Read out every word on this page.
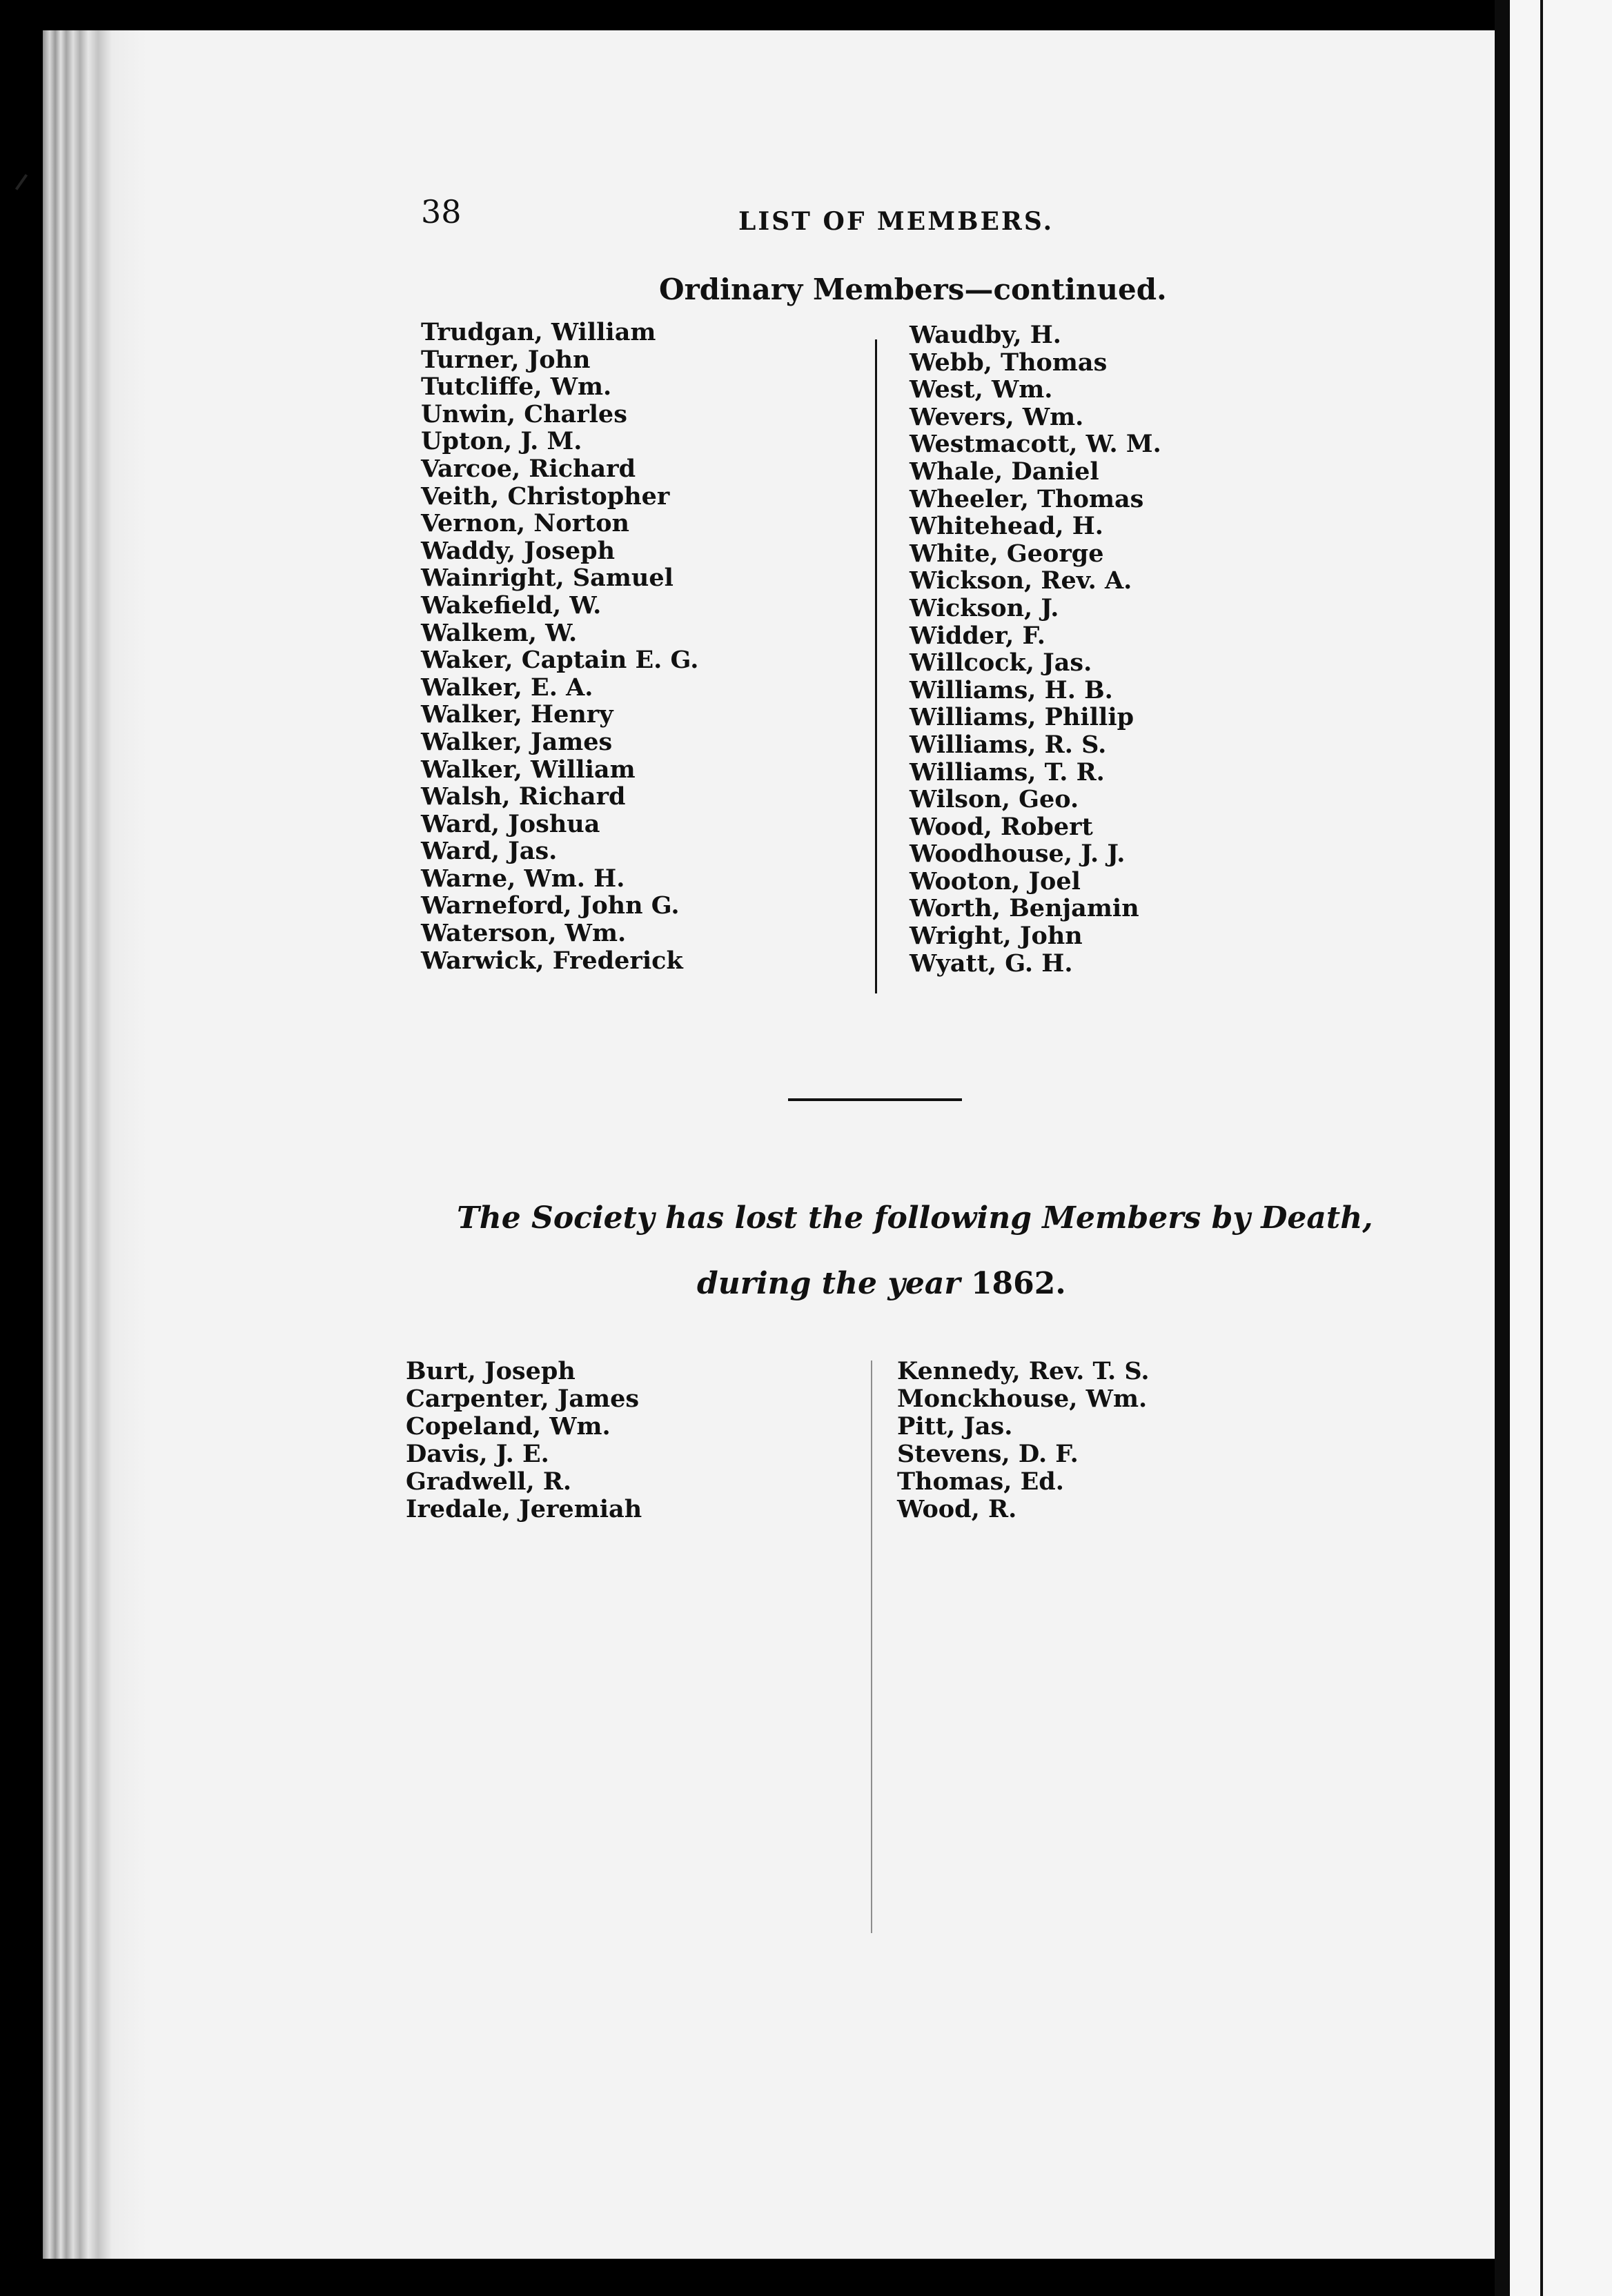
38	LIST OF MEMBERS.
Ordinary Members—continued.
Trudgan, William
Turner, John
Tutcliffe, Wm.
Unwin, Charles
Upton, J. M.
Varcoe, Richard
Veith, Christopher
Vernon, Norton
Waddy, Joseph
Wainright, Samuel
Wakefield, W.
Walkem, W.
Waker, Captain E. G.
Walker, E. A.
Walker, Henry
Walker, James
Walker, William
Walsh, Richard
Ward, Joshua
Ward, Jas.
Warne, Wm. H.
Warneford, John G.
Waterson, Wm.
Warwick, Frederick
Waudby, H.
Webb, Thomas
West, Wm.
Wevers, Wm.
Westmacott, W. M.
Whale, Daniel
Wheeler, Thomas
Whitehead, H.
White, George
Wickson, Rev. A.
Wickson, J.
Widder, F.
Willcock, Jas.
Williams, H. B.
Williams, Phillip
Williams, R. S.
Williams, T. R.
Wilson, Geo.
Wood, Robert
Woodhouse, J. J.
Wooton, Joel
Worth, Benjamin
Wright, John
Wyatt, G. H.
The Society has lost the following Members by Death,
during the year 1862.
Burt, Joseph
Carpenter, James
Copeland, Wm.
Davis, J. E.
Gradwell, R.
Iredale, Jeremiah
Kennedy, Rev. T. S.
Monckhouse, Wm.
Pitt, Jas.
Stevens, D. F.
Thomas, Ed.
Wood, R.
